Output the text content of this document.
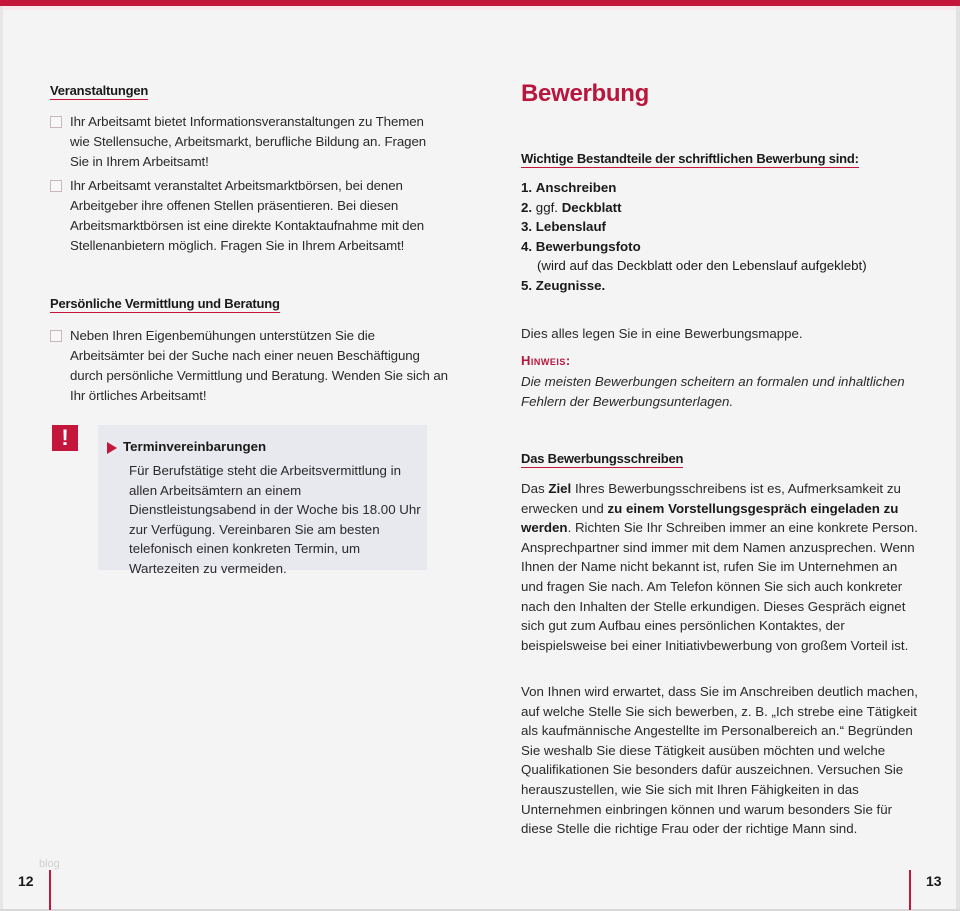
Veranstaltungen
Ihr Arbeitsamt bietet Informationsveranstaltungen zu Themen wie Stellensuche, Arbeitsmarkt, berufliche Bildung an. Fragen Sie in Ihrem Arbeitsamt!
Ihr Arbeitsamt veranstaltet Arbeitsmarktbörsen, bei denen Arbeitgeber ihre offenen Stellen präsentieren. Bei diesen Arbeitsmarktbörsen ist eine direkte Kontaktaufnahme mit den Stellenanbietern möglich. Fragen Sie in Ihrem Arbeitsamt!
Persönliche Vermittlung und Beratung
Neben Ihren Eigenbemühungen unterstützen Sie die Arbeitsämter bei der Suche nach einer neuen Beschäftigung durch persönliche Vermittlung und Beratung. Wenden Sie sich an Ihr örtliches Arbeitsamt!
!	Terminvereinbarungen
Für Berufstätige steht die Arbeitsvermittlung in allen Arbeitsämtern an einem Dienstleistungsabend in der Woche bis 18.00 Uhr zur Verfügung. Vereinbaren Sie am besten telefonisch einen konkreten Termin, um Wartezeiten zu vermeiden.
blog
12
Bewerbung
Wichtige Bestandteile der schriftlichen Bewerbung sind:
1. Anschreiben
2. ggf. Deckblatt
3. Lebenslauf
4. Bewerbungsfoto
(wird auf das Deckblatt oder den Lebenslauf aufgeklebt)
5. Zeugnisse.
Dies alles legen Sie in eine Bewerbungsmappe.
Hinweis:
Die meisten Bewerbungen scheitern an formalen und inhaltlichen Fehlern der Bewerbungsunterlagen.
Das Bewerbungsschreiben
Das Ziel Ihres Bewerbungsschreibens ist es, Aufmerksamkeit zu erwecken und zu einem Vorstellungsgespräch eingeladen zu werden. Richten Sie Ihr Schreiben immer an eine konkrete Person. Ansprechpartner sind immer mit dem Namen anzusprechen. Wenn Ihnen der Name nicht bekannt ist, rufen Sie im Unternehmen an und fragen Sie nach. Am Telefon können Sie sich auch konkreter nach den Inhalten der Stelle erkundigen. Dieses Gespräch eignet sich gut zum Aufbau eines persönlichen Kontaktes, der beispielsweise bei einer Initiativbewerbung von großem Vorteil ist.
Von Ihnen wird erwartet, dass Sie im Anschreiben deutlich machen, auf welche Stelle Sie sich bewerben, z. B. „Ich strebe eine Tätigkeit als kaufmännische Angestellte im Personalbereich an.“ Begründen Sie weshalb Sie diese Tätigkeit ausüben möchten und welche Qualifikationen Sie besonders dafür auszeichnen. Versuchen Sie herauszustellen, wie Sie sich mit Ihren Fähigkeiten in das Unternehmen einbringen können und warum besonders Sie für diese Stelle die richtige Frau oder der richtige Mann sind.
13
